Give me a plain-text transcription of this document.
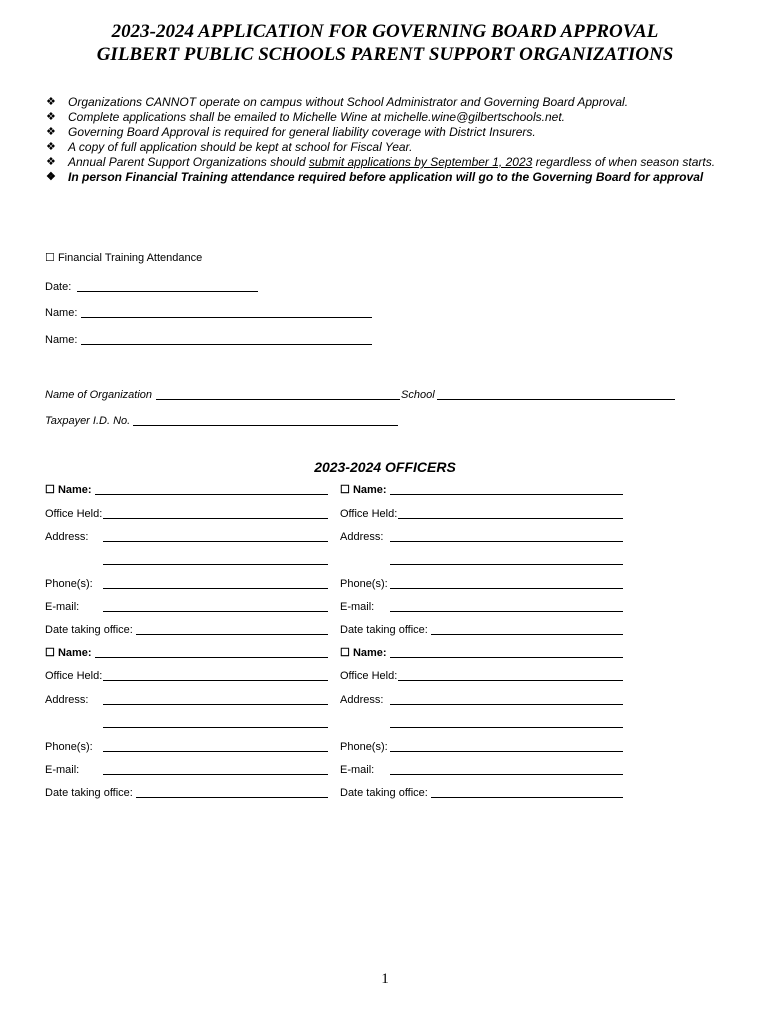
2023-2024 APPLICATION FOR GOVERNING BOARD APPROVAL
GILBERT PUBLIC SCHOOLS PARENT SUPPORT ORGANIZATIONS
❖ Organizations CANNOT operate on campus without School Administrator and Governing Board Approval.
❖ Complete applications shall be emailed to Michelle Wine at michelle.wine@gilbertschools.net.
❖ Governing Board Approval is required for general liability coverage with District Insurers.
❖ A copy of full application should be kept at school for Fiscal Year.
❖ Annual Parent Support Organizations should submit applications by September 1, 2023 regardless of when season starts.
❖ In person Financial Training attendance required before application will go to the Governing Board for approval
☐ Financial Training Attendance
Date:
Name:
Name:
Name of Organization	School
Taxpayer I.D. No.
2023-2024 OFFICERS
☐ Name:
Office Held:
Address:
Phone(s):
E-mail:
Date taking office:
☐ Name:
Office Held:
Address:
Phone(s):
E-mail:
Date taking office:
☐ Name:
Office Held:
Address:
Phone(s):
E-mail:
Date taking office:
☐ Name:
Office Held:
Address:
Phone(s):
E-mail:
Date taking office:
1
